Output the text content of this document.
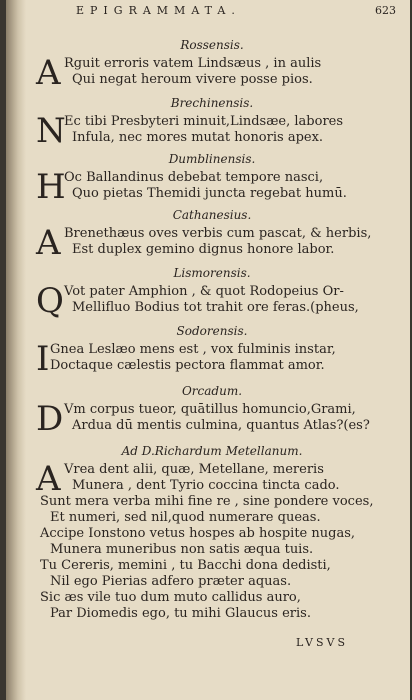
EPIGRAMMATA.	623
Rossensis.
A Rguit erroris vatem Lindsæus , in aulis
Qui negat heroum vivere posse pios.
Brechinensis.
N
Ec tibi Presbyteri minuit,Lindsæe, labores
Infula, nec mores mutat honoris apex.
Dumblinensis.
H
Oc Ballandinus debebat tempore nasci,
Quo pietas Themidi juncta regebat humū.
Cathanesius.
A Brenethæus oves verbis cum pascat, & herbis,
Est duplex gemino dignus honore labor.
Lismorensis.
Q Vot pater Amphion , & quot Rodopeius Or-
Mellifluo Bodius tot trahit ore feras.(pheus,
Sodorensis.
I Gnea Leslæo mens est , vox fulminis instar,
Doctaque cælestis pectora flammat amor.
Orcadum.
D Vm corpus tueor, quātillus homuncio,Grami,
Ardua dū mentis culmina, quantus Atlas?(es?
Ad D.Richardum Metellanum.
A Vrea dent alii, quæ, Metellane, mereris
Munera , dent Tyrio coccina tincta cado.
Sunt mera verba mihi fine re , sine pondere voces,
Et numeri, sed nil,quod numerare queas.
Accipe Ionstono vetus hospes ab hospite nugas,
Munera muneribus non satis æqua tuis.
Tu Cereris, memini , tu Bacchi dona dedisti,
Nil ego Pierias adfero præter aquas.
Sic æs vile tuo dum muto callidus auro,
Par Diomedis ego, tu mihi Glaucus eris.
LVSVS
